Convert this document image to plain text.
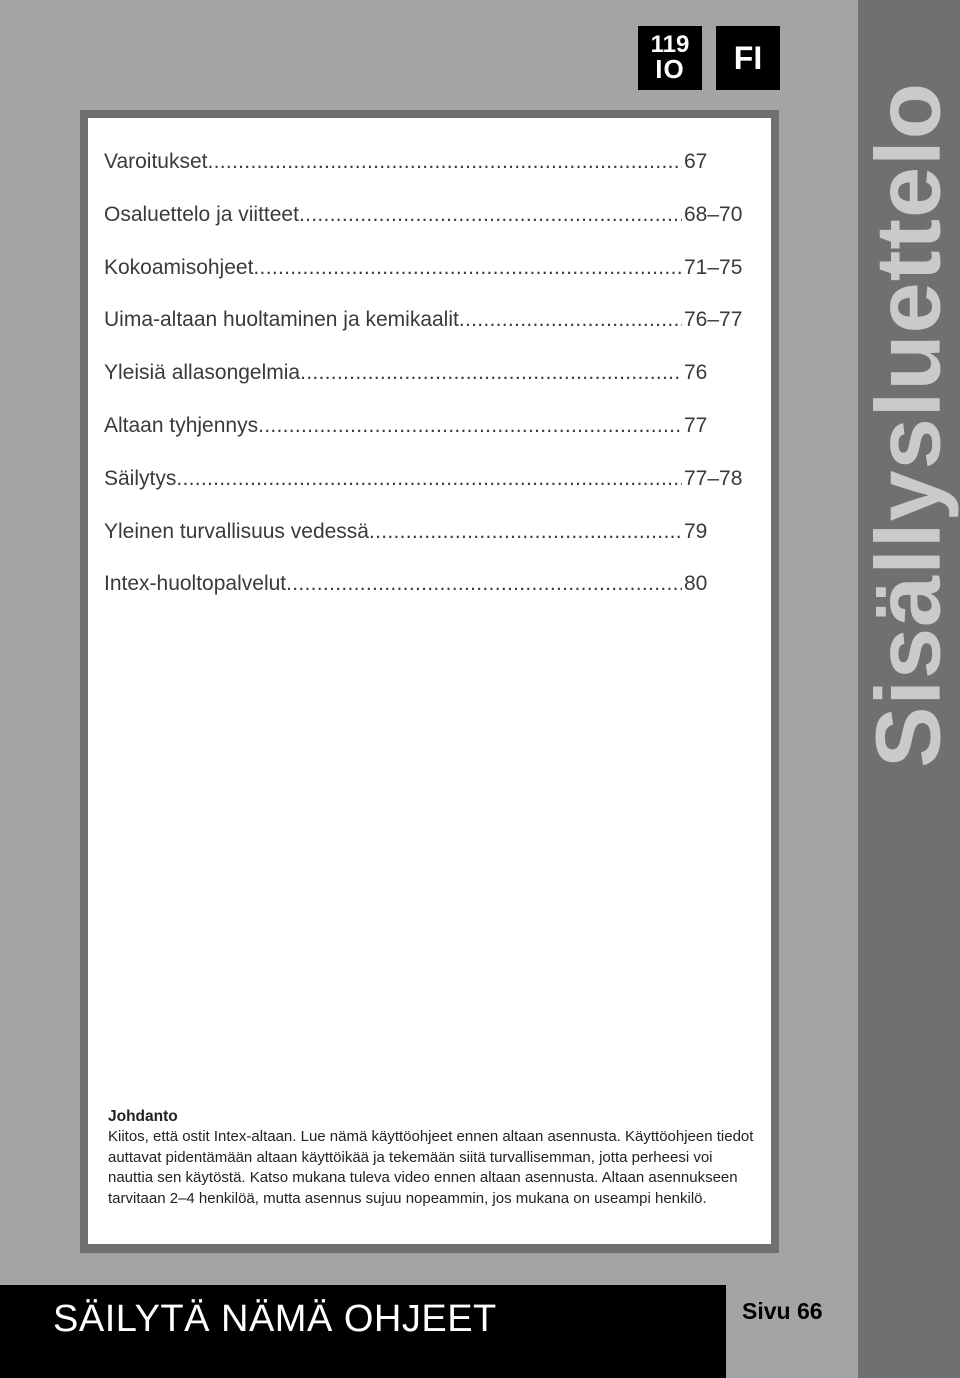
Sisällysluettelo
119
IO	FI
Varoitukset .....	67
Osaluettelo ja viitteet .....	68–70
Kokoamisohjeet .....	71–75
Uima-altaan huoltaminen ja kemikaalit .....	76–77
Yleisiä allasongelmia .....	76
Altaan tyhjennys .....	77
Säilytys .....	77–78
Yleinen turvallisuus vedessä .....	79
Intex-huoltopalvelut .....	80
Johdanto

Kiitos, että ostit Intex-altaan. Lue nämä käyttöohjeet ennen altaan asennusta. Käyttöohjeen tiedot auttavat pidentämään altaan käyttöikää ja tekemään siitä turvallisemman, jotta perheesi voi nauttia sen käytöstä. Katso mukana tuleva video ennen altaan asennusta. Altaan asennukseen tarvitaan 2–4 henkilöä, mutta asennus sujuu nopeammin, jos mukana on useampi henkilö.

SÄILYTÄ NÄMÄ OHJEET	Sivu 66
